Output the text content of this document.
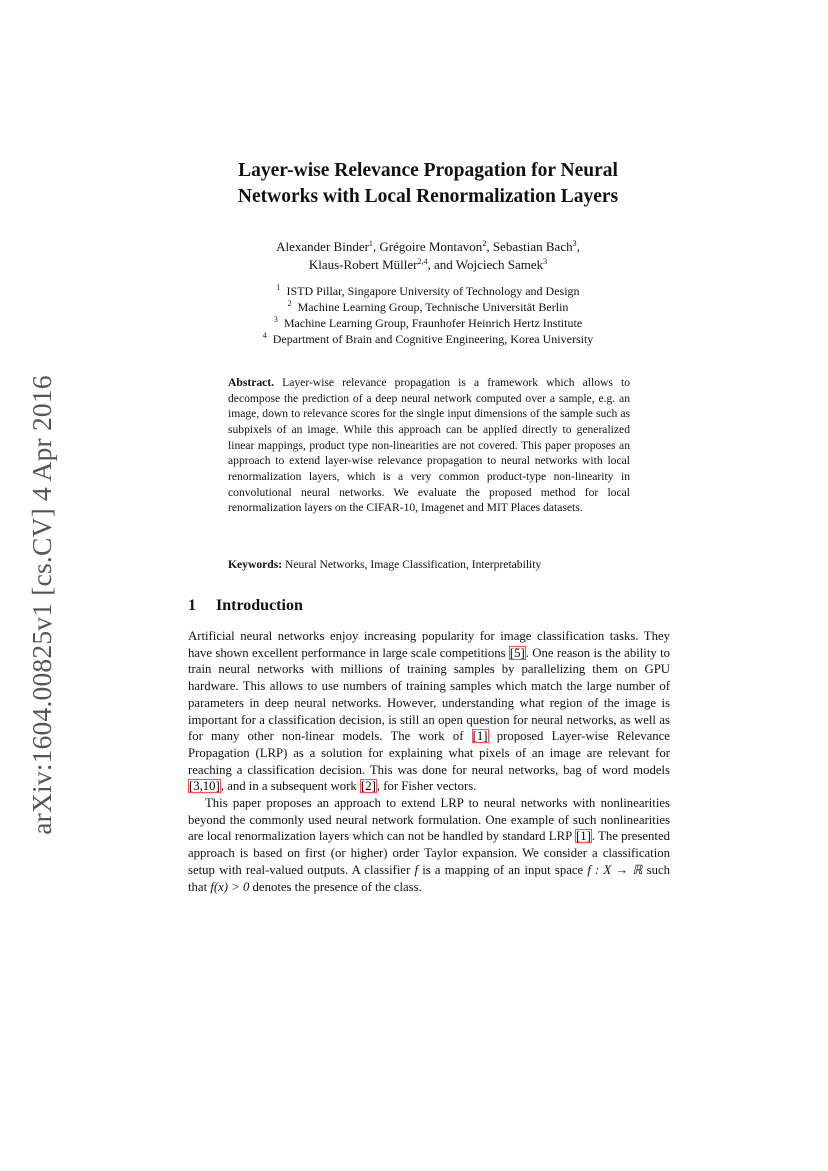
arXiv:1604.00825v1 [cs.CV] 4 Apr 2016
Layer-wise Relevance Propagation for Neural
Networks with Local Renormalization Layers
Alexander Binder$^1$, Grégoire Montavon$^2$, Sebastian Bach$^3$,
Klaus-Robert Müller$^{2,4}$, and Wojciech Samek$^3$
$^1$ ISTD Pillar, Singapore University of Technology and Design
$^2$ Machine Learning Group, Technische Universität Berlin
$^3$ Machine Learning Group, Fraunhofer Heinrich Hertz Institute
$^4$ Department of Brain and Cognitive Engineering, Korea University
Abstract. Layer-wise relevance propagation is a framework which allows to decompose the prediction of a deep neural network computed over a sample, e.g. an image, down to relevance scores for the single input dimensions of the sample such as subpixels of an image. While this approach can be applied directly to generalized linear mappings, product type non-linearities are not covered. This paper proposes an approach to extend layer-wise relevance propagation to neural networks with local renormalization layers, which is a very common product-type non-linearity in convolutional neural networks. We evaluate the proposed method for local renormalization layers on the CIFAR-10, Imagenet and MIT Places datasets.
Keywords: Neural Networks, Image Classification, Interpretability
1 Introduction

Artificial neural networks enjoy increasing popularity for image classification tasks. They have shown excellent performance in large scale competitions [5]. One reason is the ability to train neural networks with millions of training samples by parallelizing them on GPU hardware. This allows to use numbers of training samples which match the large number of parameters in deep neural networks. However, understanding what region of the image is important for a classification decision, is still an open question for neural networks, as well as for many other non-linear models. The work of [1] proposed Layer-wise Relevance Propagation (LRP) as a solution for explaining what pixels of an image are relevant for reaching a classification decision. This was done for neural networks, bag of word models [3,10], and in a subsequent work [2], for Fisher vectors.

This paper proposes an approach to extend LRP to neural networks with nonlinearities beyond the commonly used neural network formulation. One example of such nonlinearities are local renormalization layers which can not be handled by standard LRP [1]. The presented approach is based on first (or higher) order Taylor expansion. We consider a classification setup with real-valued outputs. A classifier f is a mapping of an input space f : X → ℝ such that f(x) > 0 denotes the presence of the class.
